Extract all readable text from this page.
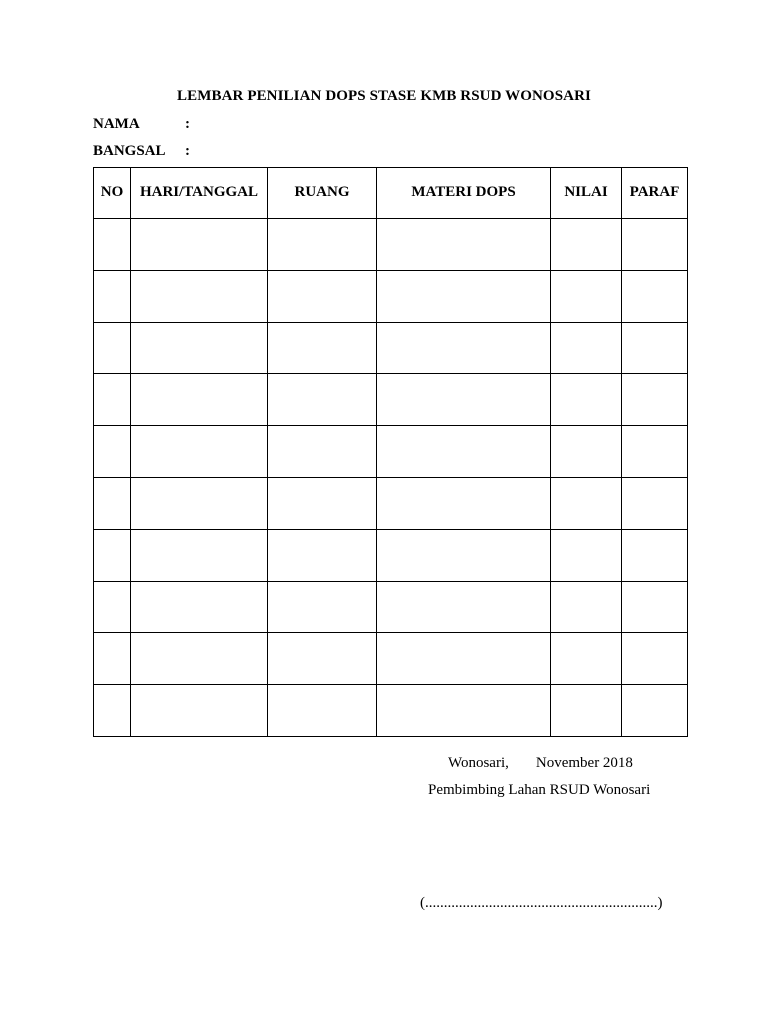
LEMBAR PENILIAN DOPS STASE KMB RSUD WONOSARI
NAMA	:
BANGSAL :
NO	HARI/TANGGAL	RUANG	MATERI DOPS	NILAI	PARAF

Wonosari, November 2018
Pembimbing Lahan RSUD Wonosari
(..............................................................)
